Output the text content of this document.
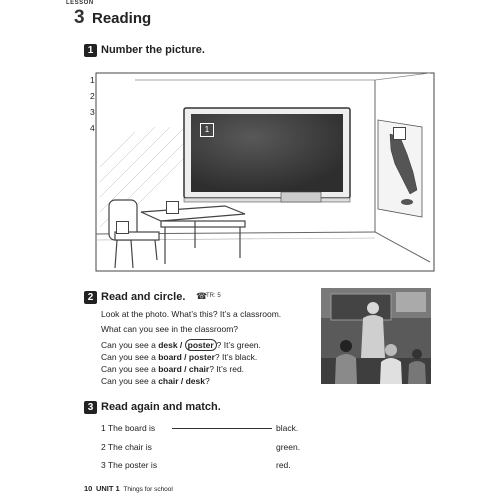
LESSON
3 Reading
1 Number the picture.
1
2
3
4	1
2 Read and circle. ☎
TR: 5
Look at the photo. What’s this? It’s a classroom.
What can you see in the classroom?
Can you see a desk / poster ? It’s green.
Can you see a board / poster? It’s black.
Can you see a board / chair? It’s red.
Can you see a chair / desk?
3 Read again and match.
1 The board is
2 The chair is
3 The poster is
black.
green.
red.
10 UNIT 1 Things for school
